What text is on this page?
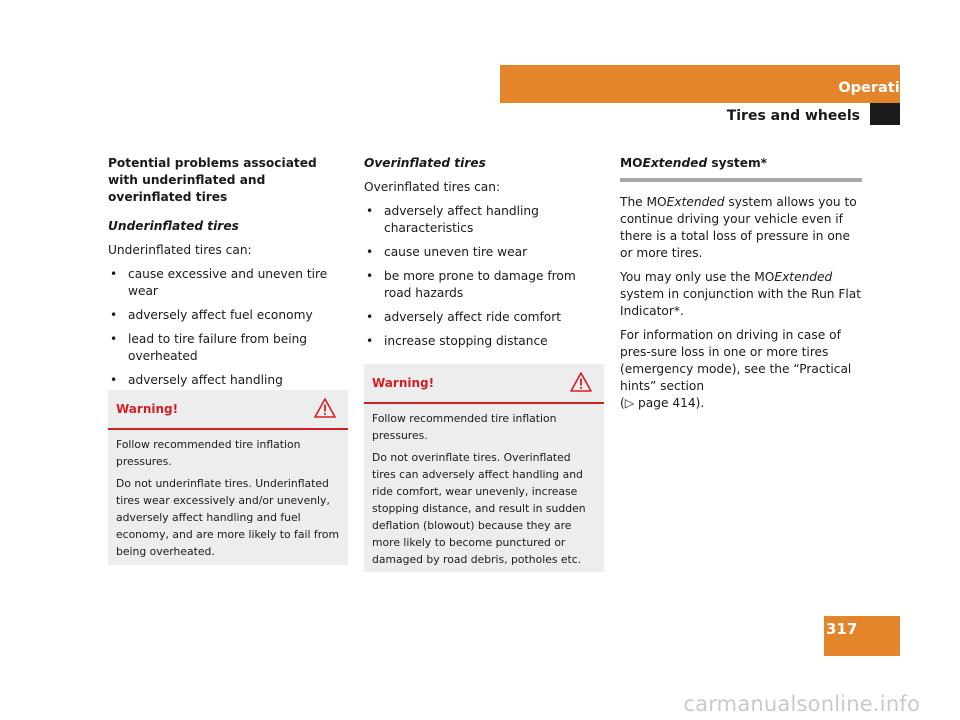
Operation
Tires and wheels
Potential problems associated with underinflated and overinflated tires
Underinflated tires
Underinflated tires can:
• cause excessive and uneven tire wear
• adversely affect fuel economy
• lead to tire failure from being overheated
• adversely affect handling
Warning!

Follow recommended tire inflation pressures.

Do not underinflate tires. Underinflated tires wear excessively and/or unevenly, adversely affect handling and fuel economy, and are more likely to fail from being overheated.

Overinflated tires
Overinflated tires can:
• adversely affect handling characteristics
• cause uneven tire wear
• be more prone to damage from road hazards
• adversely affect ride comfort
• increase stopping distance
Warning!

Follow recommended tire inflation pressures.

Do not overinflate tires. Overinflated tires can adversely affect handling and ride comfort, wear unevenly, increase stopping distance, and result in sudden deflation (blowout) because they are more likely to become punctured or damaged by road debris, potholes etc.

MOExtended system*
The MOExtended system allows you to continue driving your vehicle even if there is a total loss of pressure in one or more tires.
You may only use the MOExtended system in conjunction with the Run Flat Indicator*.
For information on driving in case of pres-sure loss in one or more tires (emergency mode), see the “Practical hints” section
(▷ page 414).
317
carmanualsonline.info
